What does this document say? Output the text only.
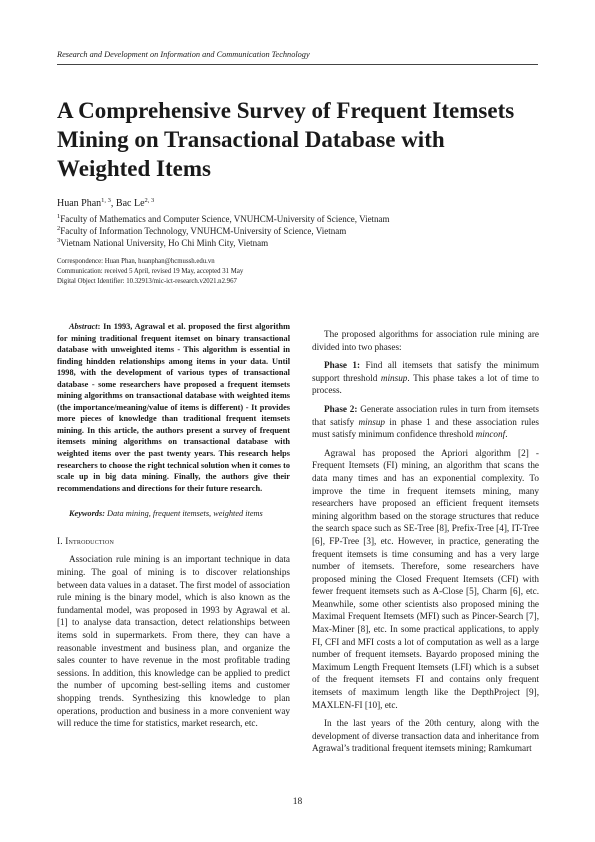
Research and Development on Information and Communication Technology
A Comprehensive Survey of Frequent Itemsets Mining on Transactional Database with Weighted Items
Huan Phan$^{1, 3}$, Bac Le$^{2, 3}$
$^1$Faculty of Mathematics and Computer Science, VNUHCM-University of Science, Vietnam
$^2$Faculty of Information Technology, VNUHCM-University of Science, Vietnam
$^3$Vietnam National University, Ho Chi Minh City, Vietnam
Correspondence: Huan Phan, huanphan@hcmussh.edu.vn
Communication: received 5 April, revised 19 May, accepted 31 May
Digital Object Identifier: 10.32913/mic-ict-research.v2021.n2.967

Abstract: In 1993, Agrawal et al. proposed the first algorithm for mining traditional frequent itemset on binary transactional database with unweighted items - This algorithm is essential in finding hindden relationships among items in your data. Until 1998, with the development of various types of transactional database - some researchers have proposed a frequent itemsets mining algorithms on transactional database with weighted items (the importance/meaning/value of items is different) - It provides more pieces of knowledge than traditional frequent itemsets mining. In this article, the authors present a survey of frequent itemsets mining algorithms on transactional database with weighted items over the past twenty years. This research helps researchers to choose the right technical solution when it comes to scale up in big data mining. Finally, the authors give their recommendations and directions for their future research.

Keywords: Data mining, frequent itemsets, weighted items

I. Introduction

Association rule mining is an important technique in data mining. The goal of mining is to discover relationships between data values in a dataset. The first model of association rule mining is the binary model, which is also known as the fundamental model, was proposed in 1993 by Agrawal et al. [1] to analyse data transaction, detect relationships between items sold in supermarkets. From there, they can have a reasonable investment and business plan, and organize the sales counter to have revenue in the most profitable trading sessions. In addition, this knowledge can be applied to predict the number of upcoming best-selling items and customer shopping trends. Synthesizing this knowledge to plan operations, production and business in a more convenient way will reduce the time for statistics, market research, etc.

The proposed algorithms for association rule mining are divided into two phases:

Phase 1: Find all itemsets that satisfy the minimum support threshold minsup. This phase takes a lot of time to process.

Phase 2: Generate association rules in turn from itemsets that satisfy minsup in phase 1 and these association rules must satisfy minimum confidence threshold minconf.

Agrawal has proposed the Apriori algorithm [2] - Frequent Itemsets (FI) mining, an algorithm that scans the data many times and has an exponential complexity. To improve the time in frequent itemsets mining, many researchers have proposed an efficient frequent itemsets mining algorithm based on the storage structures that reduce the search space such as SE-Tree [8], Prefix-Tree [4], IT-Tree [6], FP-Tree [3], etc. However, in practice, generating the frequent itemsets is time consuming and has a very large number of itemsets. Therefore, some researchers have proposed mining the Closed Frequent Itemsets (CFI) with fewer frequent itemsets such as A-Close [5], Charm [6], etc. Meanwhile, some other scientists also proposed mining the Maximal Frequent Itemsets (MFI) such as Pincer-Search [7], Max-Miner [8], etc. In some practical applications, to apply FI, CFI and MFI costs a lot of computation as well as a large number of frequent itemsets. Bayardo proposed mining the Maximum Length Frequent Itemsets (LFI) which is a subset of the frequent itemsets FI and contains only frequent itemsets of maximum length like the DepthProject [9], MAXLEN-FI [10], etc.

In the last years of the 20th century, along with the development of diverse transaction data and inheritance from Agrawal’s traditional frequent itemsets mining; Ramkumart

18
